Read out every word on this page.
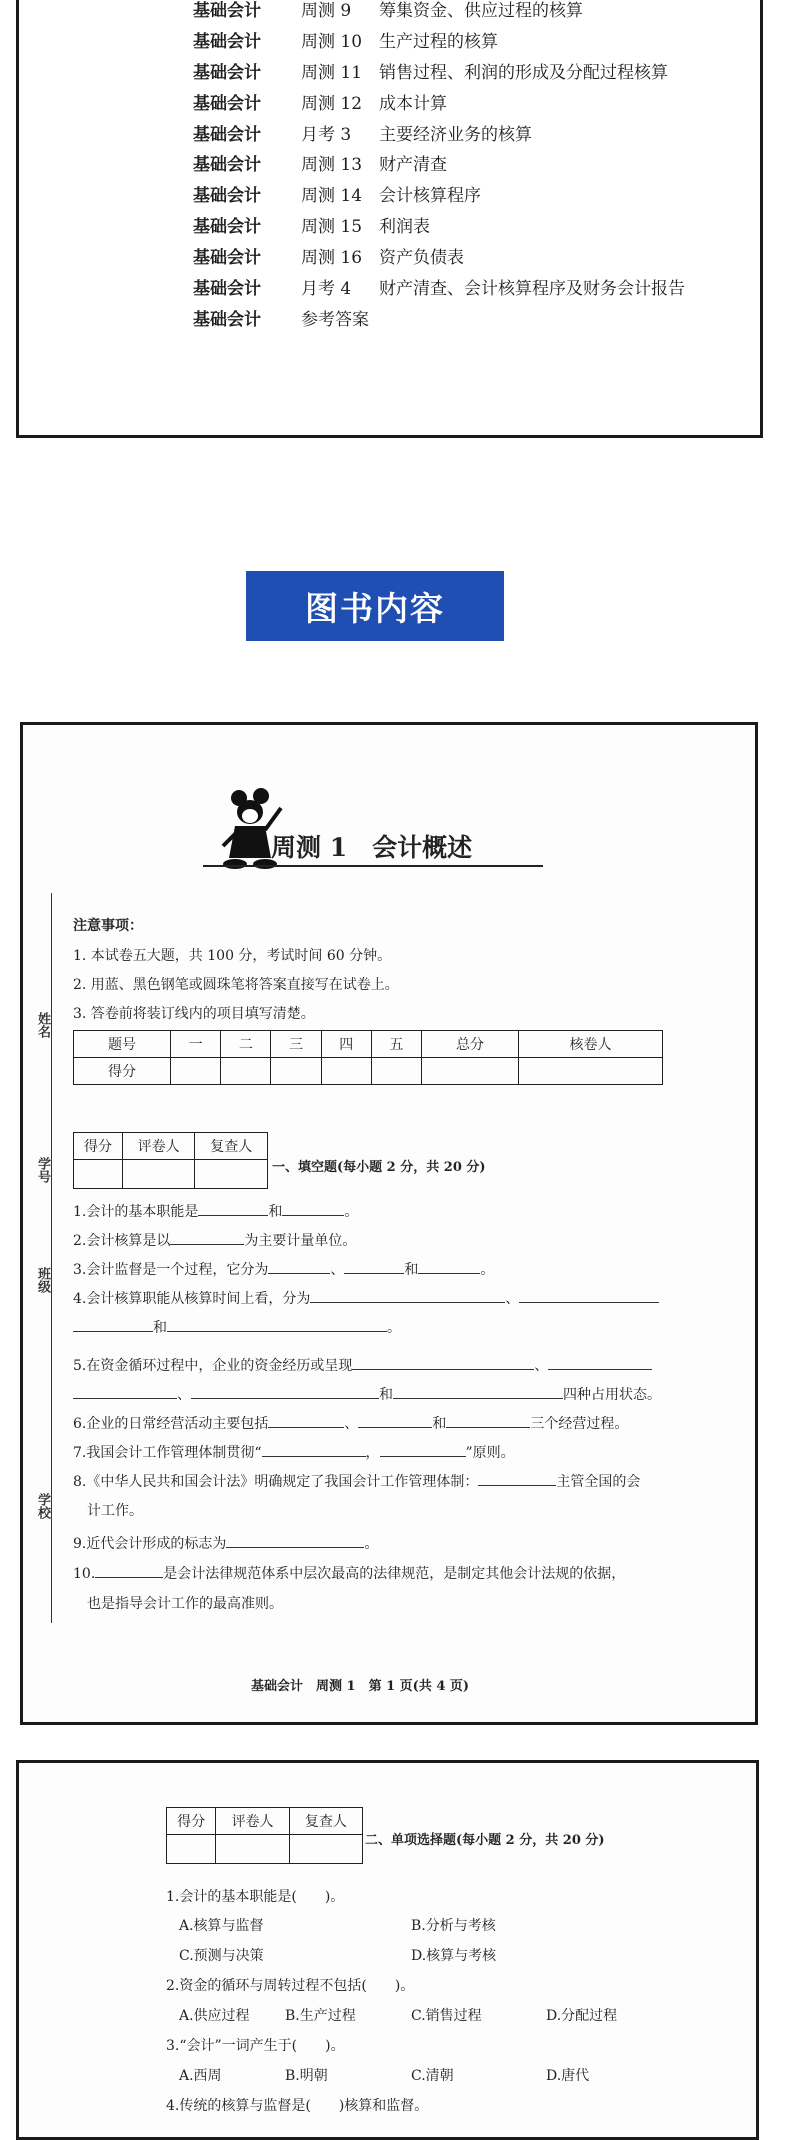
基础会计 周测 9 筹集资金、供应过程的核算
基础会计 周测 10 生产过程的核算
基础会计 周测 11 销售过程、利润的形成及分配过程核算
基础会计 周测 12 成本计算
基础会计 月考 3 主要经济业务的核算
基础会计 周测 13 财产清查
基础会计 周测 14 会计核算程序
基础会计 周测 15 利润表
基础会计 周测 16 资产负债表
基础会计 月考 4 财产清查、会计核算程序及财务会计报告
基础会计 参考答案
图书内容
周测 1　会计概述
姓名
学号
班级
学校
注意事项：
1. 本试卷五大题，共 100 分，考试时间 60 分钟。
2. 用蓝、黑色钢笔或圆珠笔将答案直接写在试卷上。
3. 答卷前将装订线内的项目填写清楚。
题号	一	二	三	四	五	总分	核卷人
得分							
得分	评卷人	复查人

一、填空题(每小题 2 分，共 20 分)
1.会计的基本职能是	和	。
2.会计核算是以	为主要计量单位。
3.会计监督是一个过程，它分为	、	和	。
4.会计核算职能从核算时间上看，分为	、
和	。
5.在资金循环过程中，企业的资金经历或呈现	、
、	和	四种占用状态。
6.企业的日常经营活动主要包括	、	和	三个经营过程。
7.我国会计工作管理体制贯彻“	，	”原则。
8.《中华人民共和国会计法》明确规定了我国会计工作管理体制：	主管全国的会
计工作。
9.近代会计形成的标志为	。
10.	是会计法律规范体系中层次最高的法律规范，是制定其他会计法规的依据，
也是指导会计工作的最高准则。
基础会计　周测 1　第 1 页(共 4 页)
得分	评卷人	复查人

二、单项选择题(每小题 2 分，共 20 分)
1.会计的基本职能是(　　)。
A.核算与监督	B.分析与考核
C.预测与决策	D.核算与考核
2.资金的循环与周转过程不包括(　　)。
A.供应过程	B.生产过程	C.销售过程	D.分配过程
3.“会计”一词产生于(　　)。
A.西周	B.明朝	C.清朝	D.唐代
4.传统的核算与监督是(　　)核算和监督。
